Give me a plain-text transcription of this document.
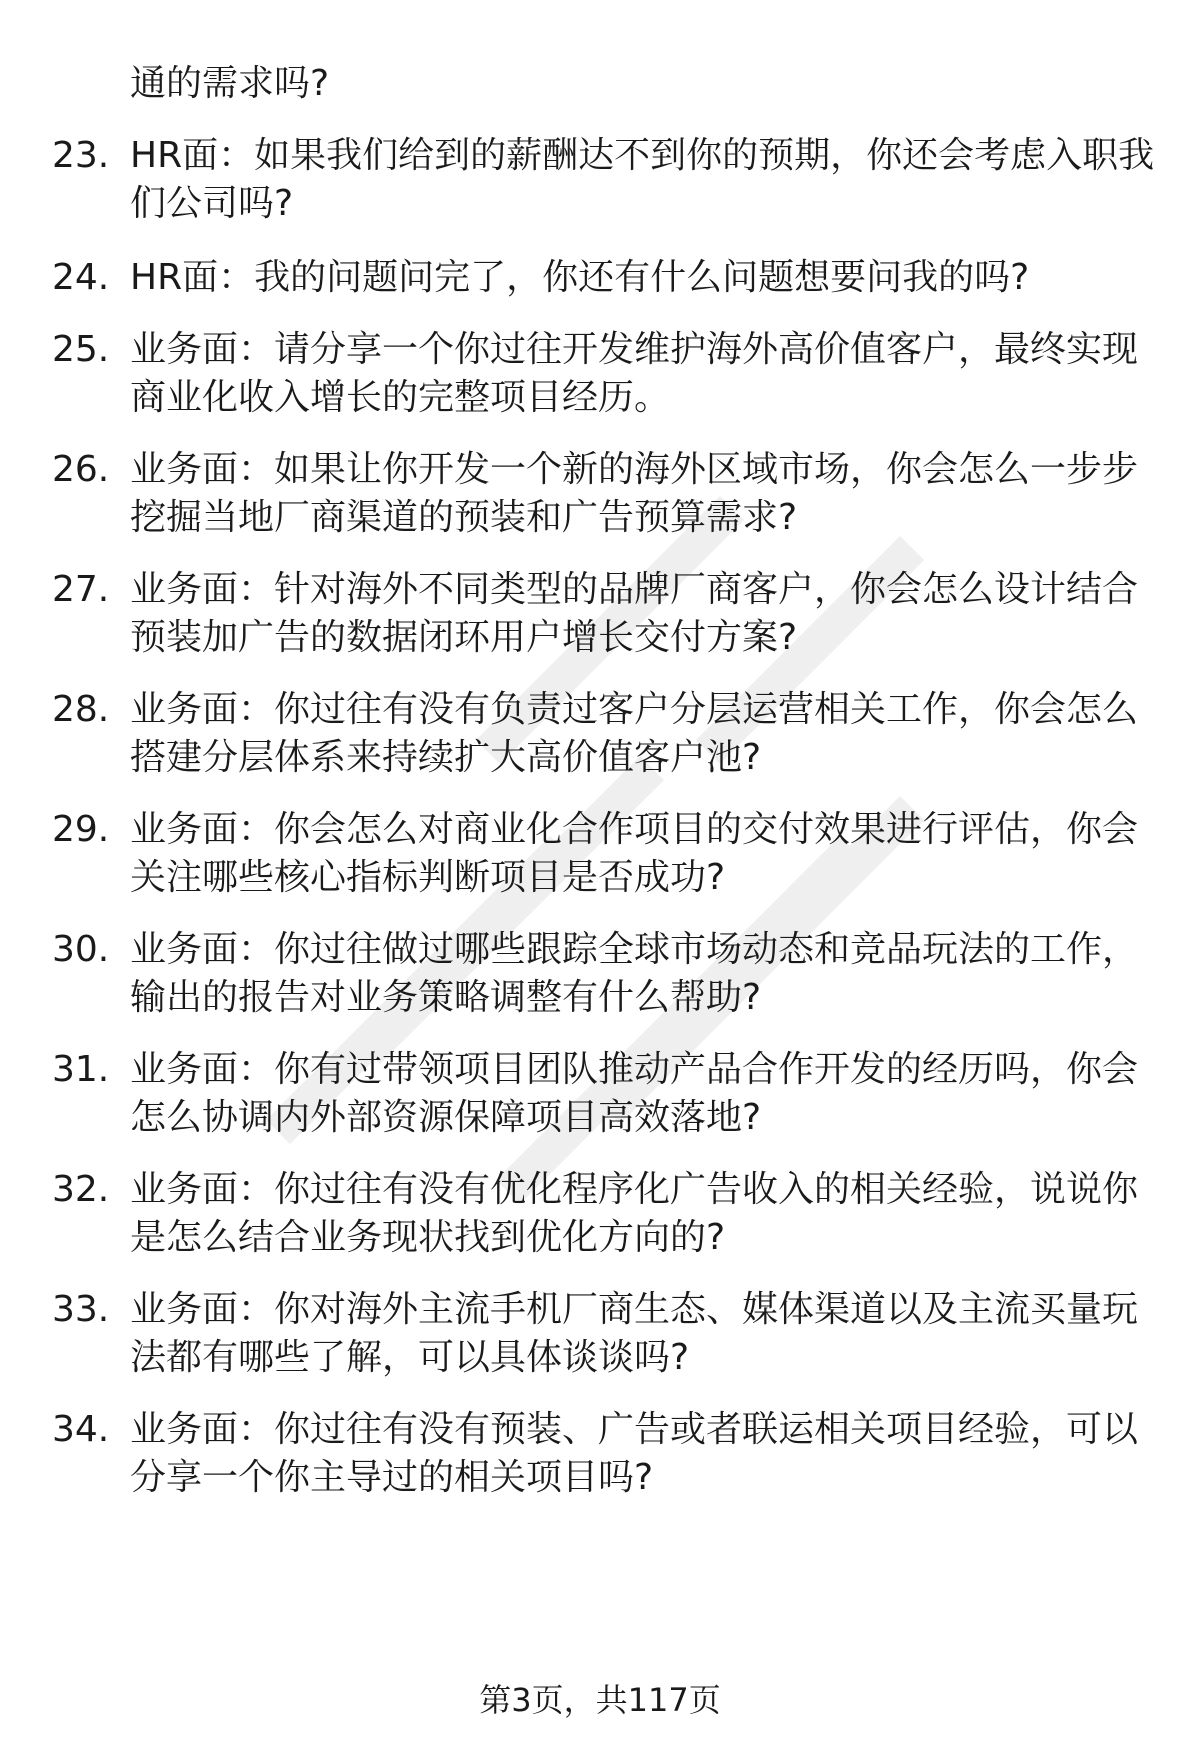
通的需求吗?
23. HR面：如果我们给到的薪酬达不到你的预期，你还会考虑入职我
们公司吗?
24. HR面：我的问题问完了，你还有什么问题想要问我的吗?
25. 业务面：请分享一个你过往开发维护海外高价值客户，最终实现
商业化收入增长的完整项目经历。
26. 业务面：如果让你开发一个新的海外区域市场，你会怎么一步步
挖掘当地厂商渠道的预装和广告预算需求?
27. 业务面：针对海外不同类型的品牌厂商客户，你会怎么设计结合
预装加广告的数据闭环用户增长交付方案?
28. 业务面：你过往有没有负责过客户分层运营相关工作，你会怎么
搭建分层体系来持续扩大高价值客户池?
29. 业务面：你会怎么对商业化合作项目的交付效果进行评估，你会
关注哪些核心指标判断项目是否成功?
30. 业务面：你过往做过哪些跟踪全球市场动态和竞品玩法的工作，
输出的报告对业务策略调整有什么帮助?
31. 业务面：你有过带领项目团队推动产品合作开发的经历吗，你会
怎么协调内外部资源保障项目高效落地?
32. 业务面：你过往有没有优化程序化广告收入的相关经验，说说你
是怎么结合业务现状找到优化方向的?
33. 业务面：你对海外主流手机厂商生态、媒体渠道以及主流买量玩
法都有哪些了解，可以具体谈谈吗?
34. 业务面：你过往有没有预装、广告或者联运相关项目经验，可以
分享一个你主导过的相关项目吗?
第3页，共117页
